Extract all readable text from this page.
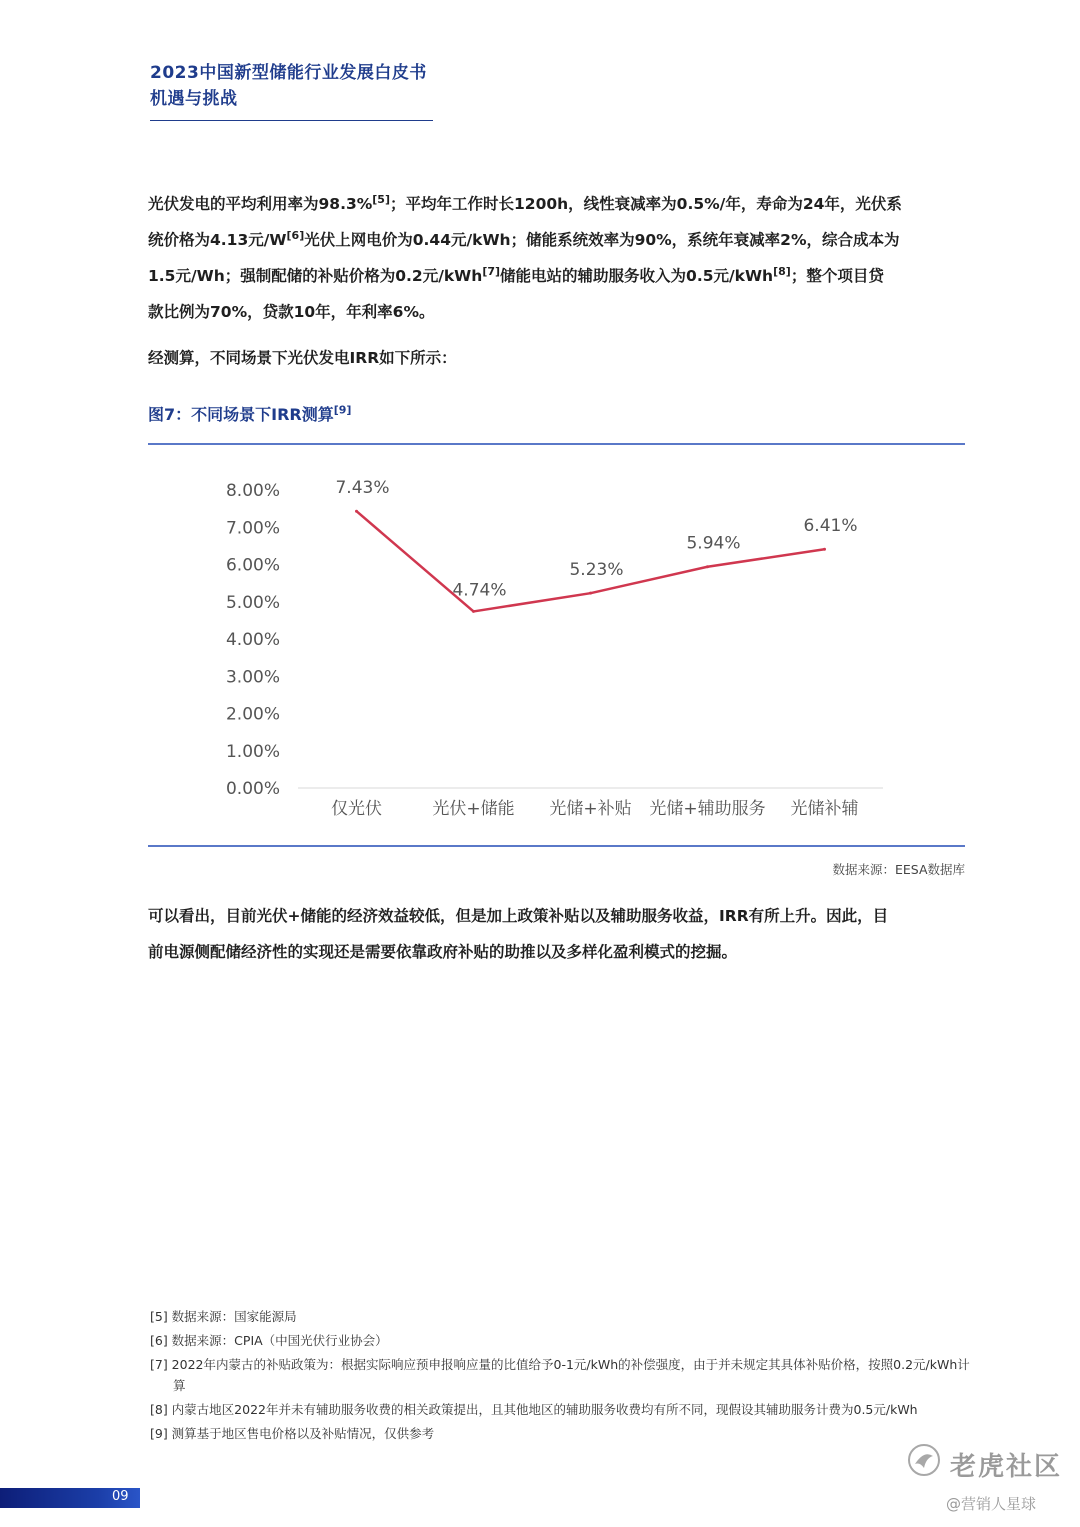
2023中国新型储能行业发展白皮书
机遇与挑战

光伏发电的平均利用率为98.3%[5]；平均年工作时长1200h，线性衰减率为0.5%/年，寿命为24年，光伏系

统价格为4.13元/W[6]光伏上网电价为0.44元/kWh；储能系统效率为90%，系统年衰减率2%，综合成本为

1.5元/Wh；强制配储的补贴价格为0.2元/kWh[7]储能电站的辅助服务收入为0.5元/kWh[8]；整个项目贷

款比例为70%，贷款10年，年利率6%。

经测算，不同场景下光伏发电IRR如下所示：
图7：不同场景下IRR测算[9]
0.00%
1.00%
2.00%
3.00%
4.00%
5.00%
6.00%
7.00%
8.00%
仅光伏	光伏+储能 光储+补贴 光储+辅助服务 光储补辅
7.43%
4.74%
5.23%
5.94%
6.41%
数据来源：EESA数据库

可以看出，目前光伏+储能的经济效益较低，但是加上政策补贴以及辅助服务收益，IRR有所上升。因此，目

前电源侧配储经济性的实现还是需要依靠政府补贴的助推以及多样化盈利模式的挖掘。

[5] 数据来源：国家能源局

[6] 数据来源：CPIA（中国光伏行业协会）

[7] 2022年内蒙古的补贴政策为：根据实际响应预申报响应量的比值给予0-1元/kWh的补偿强度，由于并未规定其具体补贴价格，按照0.2元/kWh计算

[8] 内蒙古地区2022年并未有辅助服务收费的相关政策提出，且其他地区的辅助服务收费均有所不同，现假设其辅助服务计费为0.5元/kWh

[9] 测算基于地区售电价格以及补贴情况，仅供参考

09
老虎社区
@营销人星球
